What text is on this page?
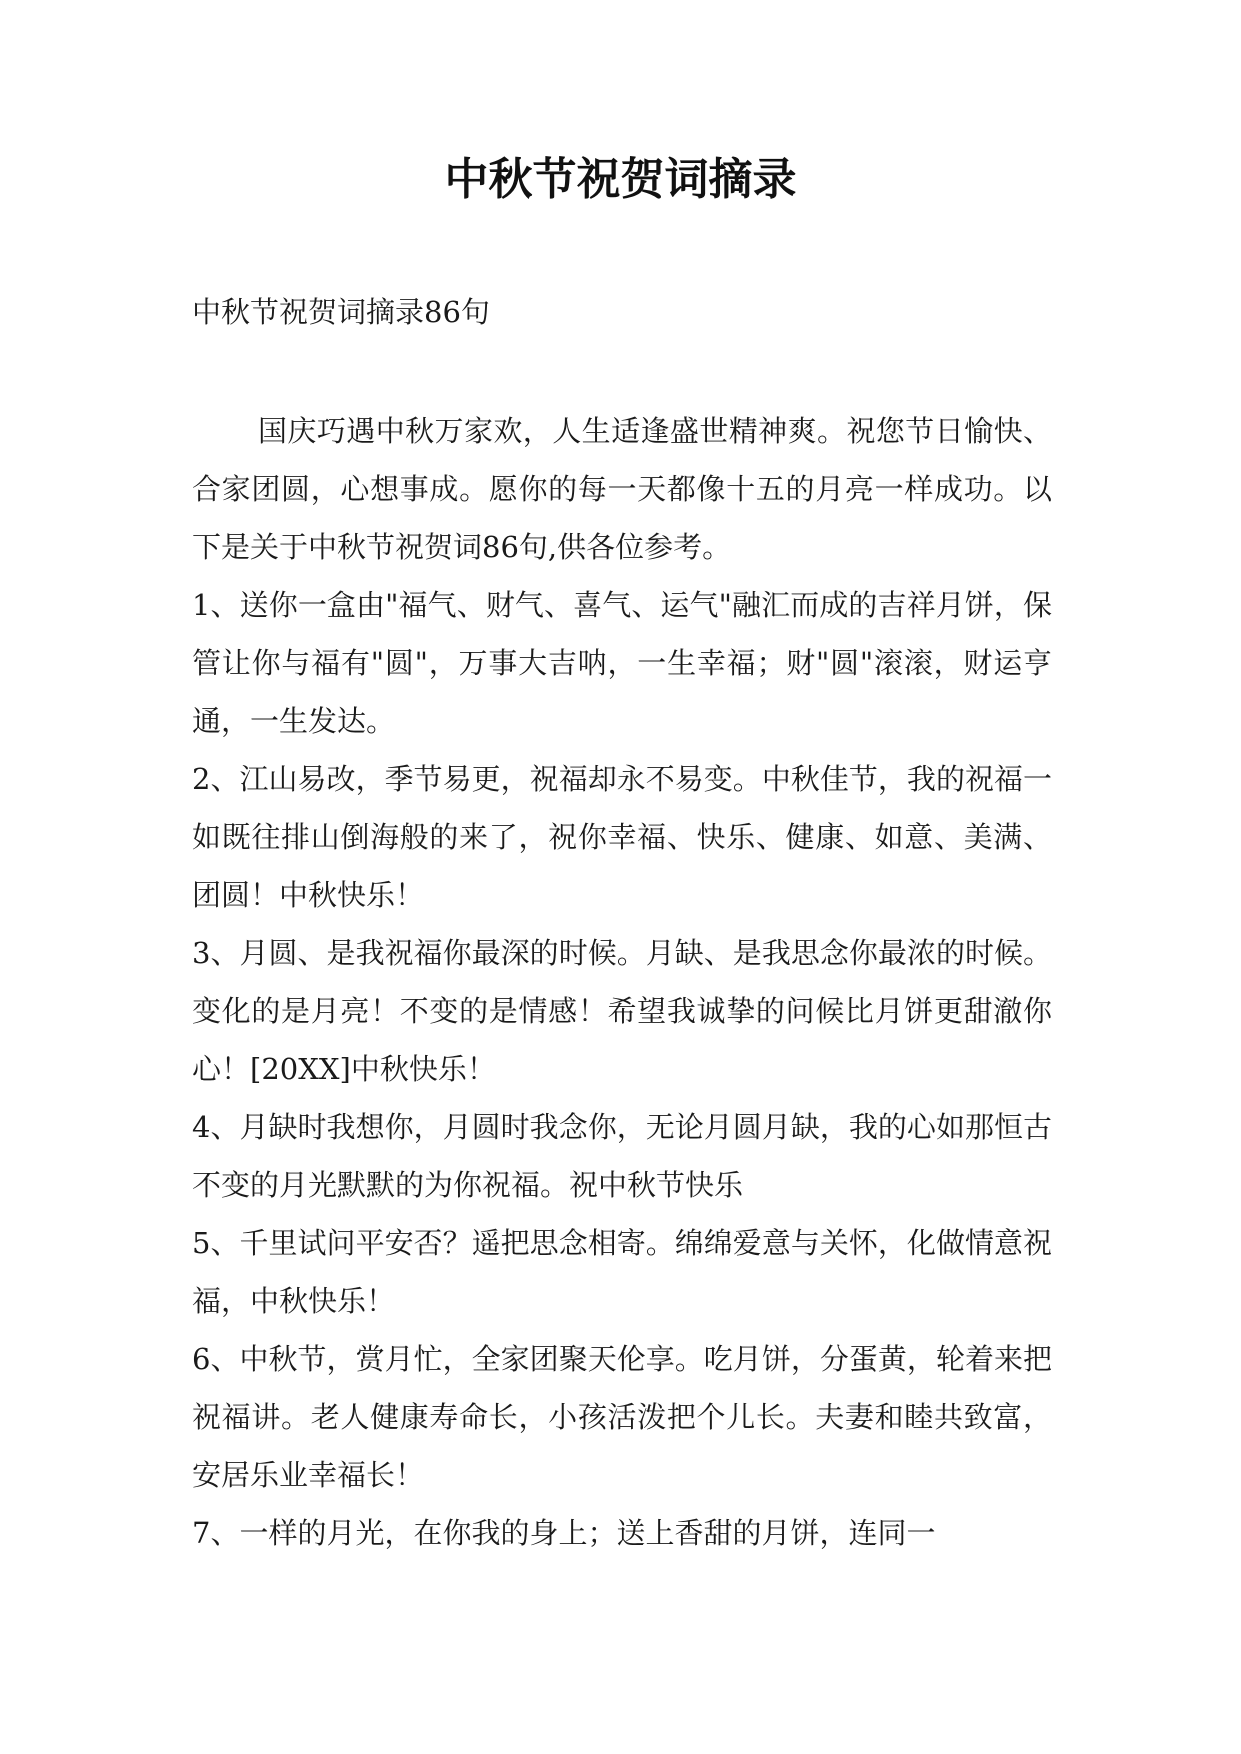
中秋节祝贺词摘录

中秋节祝贺词摘录86句

国庆巧遇中秋万家欢，人生适逢盛世精神爽。祝您节日愉快、合家团圆，心想事成。愿你的每一天都像十五的月亮一样成功。以下是关于中秋节祝贺词86句,供各位参考。

1、送你一盒由"福气、财气、喜气、运气"融汇而成的吉祥月饼，保管让你与福有"圆"，万事大吉呐，一生幸福；财"圆"滚滚，财运亨通，一生发达。

2、江山易改，季节易更，祝福却永不易变。中秋佳节，我的祝福一如既往排山倒海般的来了，祝你幸福、快乐、健康、如意、美满、团圆！中秋快乐！

3、月圆、是我祝福你最深的时候。月缺、是我思念你最浓的时候。变化的是月亮！不变的是情感！希望我诚挚的问候比月饼更甜澈你心！[20XX]中秋快乐！

4、月缺时我想你，月圆时我念你，无论月圆月缺，我的心如那恒古不变的月光默默的为你祝福。祝中秋节快乐

5、千里试问平安否？遥把思念相寄。绵绵爱意与关怀，化做情意祝福，中秋快乐！

6、中秋节，赏月忙，全家团聚天伦享。吃月饼，分蛋黄，轮着来把祝福讲。老人健康寿命长，小孩活泼把个儿长。夫妻和睦共致富，安居乐业幸福长！

7、一样的月光，在你我的身上；送上香甜的月饼，连同一
